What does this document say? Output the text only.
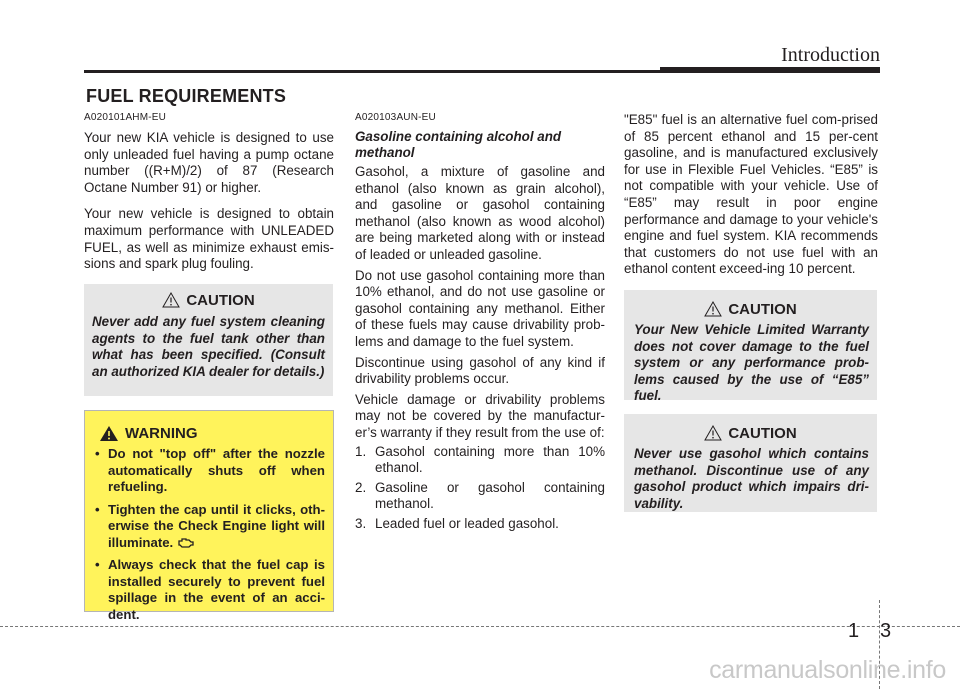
Introduction
FUEL REQUIREMENTS
A020101AHM-EU

Your new KIA vehicle is designed to use only unleaded fuel having a pump octane number ((R+M)/2) of 87 (Research Octane Number 91) or higher.

Your new vehicle is designed to obtain maximum performance with UNLEADED FUEL, as well as minimize exhaust emis-sions and spark plug fouling.

CAUTION
Never add any fuel system cleaning agents to the fuel tank other than what has been specified. (Consult an authorized KIA dealer for details.)
WARNING
• Do not "top off" after the nozzle automatically shuts off when refueling.
• Tighten the cap until it clicks, oth-erwise the Check Engine light will illuminate.
• Always check that the fuel cap is installed securely to prevent fuel spillage in the event of an acci-dent.
A020103AUN-EU
Gasoline containing alcohol and methanol

Gasohol, a mixture of gasoline and ethanol (also known as grain alcohol), and gasoline or gasohol containing methanol (also known as wood alcohol) are being marketed along with or instead of leaded or unleaded gasoline.

Do not use gasohol containing more than 10% ethanol, and do not use gasoline or gasohol containing any methanol. Either of these fuels may cause drivability prob-lems and damage to the fuel system.

Discontinue using gasohol of any kind if drivability problems occur.

Vehicle damage or drivability problems may not be covered by the manufactur-er’s warranty if they result from the use of:

1. Gasohol containing more than 10% ethanol.
2. Gasoline or gasohol containing methanol.
3. Leaded fuel or leaded gasohol.
"E85" fuel is an alternative fuel com-prised of 85 percent ethanol and 15 per-cent gasoline, and is manufactured exclusively for use in Flexible Fuel Vehicles. “E85” is not compatible with your vehicle. Use of “E85” may result in poor engine performance and damage to your vehicle's engine and fuel system. KIA recommends that customers do not use fuel with an ethanol content exceed-ing 10 percent.
CAUTION
Your New Vehicle Limited Warranty does not cover damage to the fuel system or any performance prob-lems caused by the use of “E85” fuel.
CAUTION
Never use gasohol which contains methanol. Discontinue use of any gasohol product which impairs dri-vability.
1 3
carmanualsonline.info
